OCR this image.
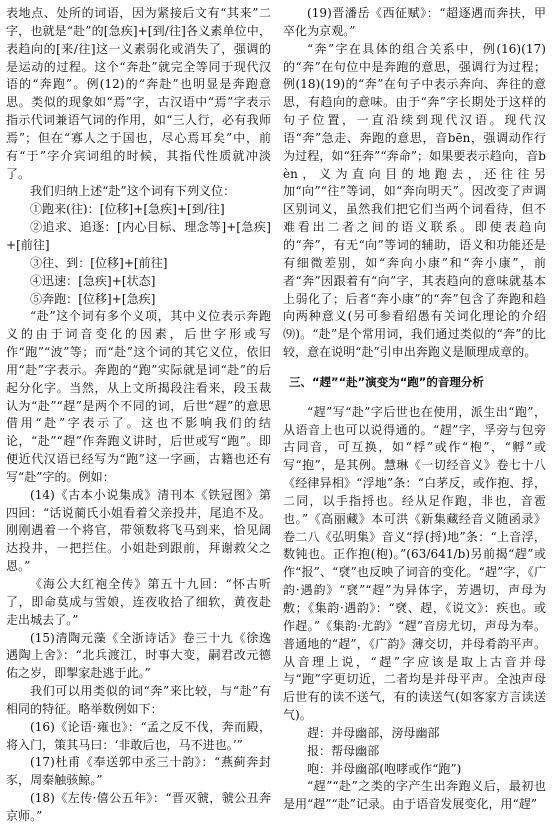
表地点、处所的词语，因为紧接后文有“其来”二字，也就是“赴”的[急疾]+[到/往]各义素单位中，表趋向的[来/往]这一义素弱化或消失了，强调的是运动的过程。这个“奔赴”就完全等同于现代汉语的“奔跑”。例(12)的“奔赴”也明显是奔跑意思。类似的现象如“焉”字，古汉语中“焉”字表示指示代词兼语气词的作用，如“三人行，必有我师焉”；但在“寡人之于国也，尽心焉耳矣”中，前有“于”字介宾词组的时候，其指代性质就冲淡了。

我们归纳上述“赴”这个词有下列义位：

①跑来(往)：[位移]+[急疾]+[到/往]

②追求、追逐：[内心目标、理念等]+[急疾]+[前往]

③往、到：[位移]+[前往]

④迅速：[急疾]+[状态]

⑤奔跑：[位移]+[急疾]

“赴”这个词有多个义项，其中义位表示奔跑义的由于词音变化的因素，后世字形或写作“跑”“波”等；而“赴”这个词的其它义位，依旧用“赴”字表示。奔跑的“跑”实际就是词“赴”的后起分化字。当然，从上文所揭段注看来，段玉裁认为“赴”“趕”是两个不同的词，后世“趕”的意思借用“赴”字表示了。这也不影响我们的结论，“赴”“趕”作奔跑义讲时，后世或写“跑”。即便近代汉语已经写为“跑”这一字画，古籍也还有写“赴”字的。例如：

(14)《古本小说集成》清刊本《铁冠图》第四回：“话说蔺氏小姐看着父亲投井，尾追不及。刚刚遇着一个将官，带领数将飞马到来，恰见阔达投井，一把拦住。小姐赴到跟前，拜谢救父之恩。”

《海公大红袍全传》第五十九回：“怀古听了，即命莫成与雪娘，连夜收拾了细软，黄夜赴走出城去了。”

(15)清陶元藻《全浙诗话》卷三十九《徐逸遇陶上舍》：“北兵渡江，时事大变，嗣君改元德佑之岁，即掣家赴逃于此。”

我们可以用类似的词“奔”来比较，与“赴”有相同的特征。略举数例如下：

(16)《论语·雍也》：“孟之反不伐，奔而殿，将入门，策其马曰：‘非敢后也，马不进也。’”

(17)杜甫《奉送郭中丞三十韵》：“燕蓟奔封豕，周秦触骇鲸。”

(18)《左传·僖公五年》：“晋灭虢，虢公丑奔京师。”

(19)晋潘岳《西征赋》：“超逐遇而奔扶，甲卒化为京观。”

“奔”字在具体的组合关系中，例(16)(17)的“奔”在句位中是奔跑的意思，强调行为过程；例(18)(19)的“奔”在句子中表示奔向、奔往的意思，有趋向的意味。由于“奔”字长期处于这样的句子位置，一直沿续到现代汉语。现代汉语“奔”急走、奔跑的意思，音bēn，强调动作行为过程，如“狂奔”“奔命”；如果要表示趋向，音bèn，义为直向目的地跑去，还往往另加“向”“往”等词，如“奔向明天”。因改变了声调区别词义，虽然我们把它们当两个词看待，但不难看出二者之间的语义联系。即使表趋向的“奔”，有无“向”等词的辅助，语义和功能还是有细微差别，如“奔向小康”和“奔小康”，前者“奔”因跟着有“向”字，其表趋向的意味就基本上弱化了；后者“奔小康”的“奔”包含了奔跑和趋向两种意义(另可参看绍愚有关词化理论的介绍⑼)。“赴”是个常用词，我们通过类似的“奔”的比较，意在说明“赴”引申出奔跑义是顺理成章的。

三、“趕”“赴”演变为“跑”的音理分析

“趕”写“赴”字后世也在使用，派生出“跑”，从语音上也可以说得通的。“趕”字，孚旁与包旁古同音，可互换，如“桴”或作“枹”，“孵”或写“抱”，是其例。慧琳《一切经音义》卷七十八《经律异相》“浮地”条：“白茅反，或作抱、捊，二同，以手指捋也。经从足作跑，非也，音雹也。”《高丽藏》本可洪《新集藏经音义随函录》卷二八《弘明集》音义“捊(捋)地”条：“上音浮，数钝也。正作抱(枹)。”(63/641/b)另前揭“趕”或作“报”、“裦”也反映了词音的变化。“趕”字，《广韵·遇韵》“裦”“趕”为异体字，芳遇切，声母为敷；《集韵·遇韵》：“裦、趕，《说文》：疾也。或作趕。”《集韵·尤韵》“趕”音房尤切，声母为奉。普通地的“趕”，《广韵》薄交切，并母肴韵平声。从音理上说，“趕”字应该是取上古音并母与“跑”字更切近，二者均是并母平声。全浊声母后世有的读不送气，有的读送气(如客家方言读送气)。

趕：并母幽部，滂母幽部

报：帮母幽部

咆：并母幽部(咆哮或作“跑”)

“趕”“赴”之类的字产生出奔跑义后，最初也是用“趕”“赴”记录。由于语音发展变化，用“趕”
